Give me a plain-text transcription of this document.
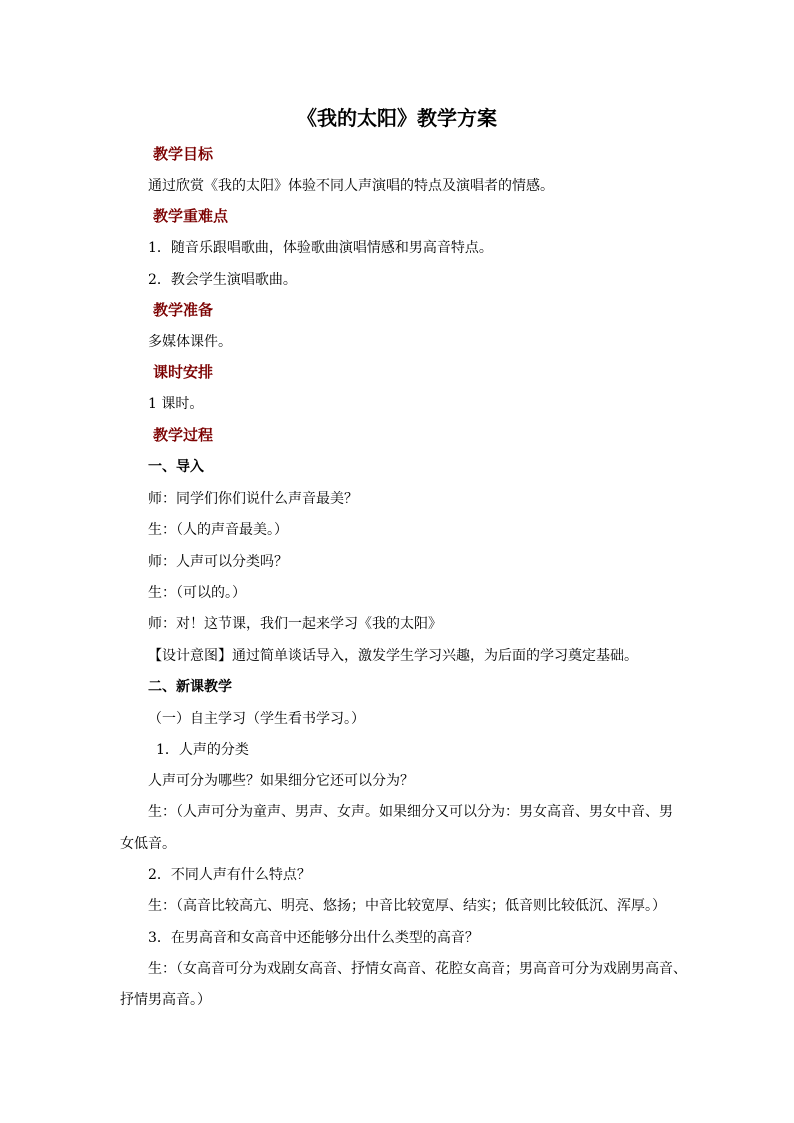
《我的太阳》教学方案
教学目标
通过欣赏《我的太阳》体验不同人声演唱的特点及演唱者的情感。
教学重难点
1．随音乐跟唱歌曲，体验歌曲演唱情感和男高音特点。
2．教会学生演唱歌曲。
教学准备
多媒体课件。
课时安排
1 课时。
教学过程
一、导入
师：同学们你们说什么声音最美？
生：（人的声音最美。）
师：人声可以分类吗？
生：（可以的。）
师：对！这节课，我们一起来学习《我的太阳》
【设计意图】通过简单谈话导入，激发学生学习兴趣，为后面的学习奠定基础。
二、新课教学
（一）自主学习（学生看书学习。）
1．人声的分类
人声可分为哪些？如果细分它还可以分为？
生：（人声可分为童声、男声、女声。如果细分又可以分为：男女高音、男女中音、男
女低音。
2．不同人声有什么特点？
生：（高音比较高亢、明亮、悠扬；中音比较宽厚、结实；低音则比较低沉、浑厚。）
3．在男高音和女高音中还能够分出什么类型的高音？
生：（女高音可分为戏剧女高音、抒情女高音、花腔女高音；男高音可分为戏剧男高音、
抒情男高音。）
